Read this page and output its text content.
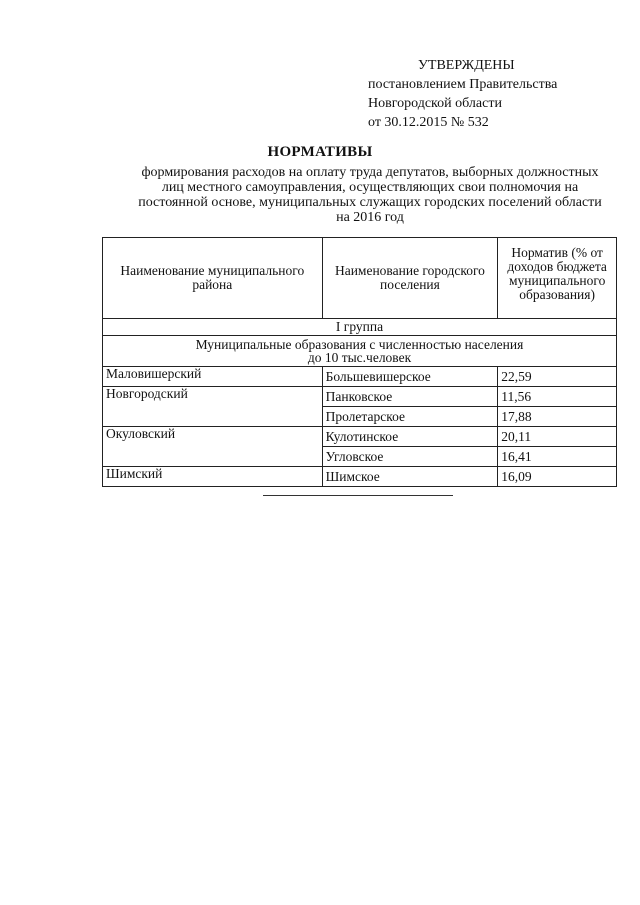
УТВЕРЖДЕНЫ
постановлением Правительства
Новгородской области
от 30.12.2015 № 532
НОРМАТИВЫ
формирования расходов на оплату труда депутатов, выборных должностных
лиц местного самоуправления, осуществляющих свои полномочия на
постоянной основе, муниципальных служащих городских поселений области
на 2016 год
Наименование муниципального района	Наименование городского поселения	Норматив (% от доходов бюджета муниципального образования)
I группа		

Муниципальные образования с численностью населения
до 10 тыс.человек		

Маловишерский	Большевишерское	22,59
Новгородский	Панковское	11,56
	Пролетарское	17,88
Окуловский	Кулотинское	20,11
	Угловское	16,41
Шимский	Шимское	16,09
